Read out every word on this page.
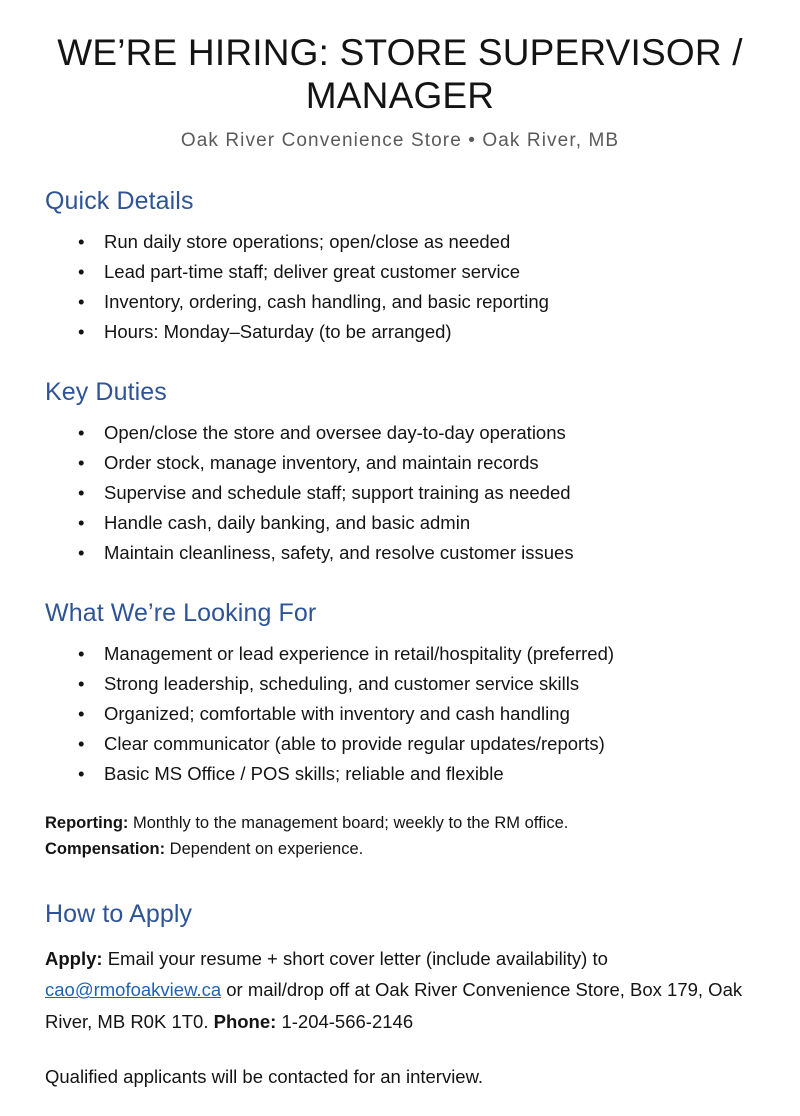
WE’RE HIRING: STORE SUPERVISOR / MANAGER
Oak River Convenience Store • Oak River, MB
Quick Details
• Run daily store operations; open/close as needed
• Lead part-time staff; deliver great customer service
• Inventory, ordering, cash handling, and basic reporting
• Hours: Monday–Saturday (to be arranged)
Key Duties
• Open/close the store and oversee day-to-day operations
• Order stock, manage inventory, and maintain records
• Supervise and schedule staff; support training as needed
• Handle cash, daily banking, and basic admin
• Maintain cleanliness, safety, and resolve customer issues
What We’re Looking For
• Management or lead experience in retail/hospitality (preferred)
• Strong leadership, scheduling, and customer service skills
• Organized; comfortable with inventory and cash handling
• Clear communicator (able to provide regular updates/reports)
• Basic MS Office / POS skills; reliable and flexible
Reporting: Monthly to the management board; weekly to the RM office.
Compensation: Dependent on experience.
How to Apply
Apply: Email your resume + short cover letter (include availability) to cao@rmofoakview.ca or mail/drop off at Oak River Convenience Store, Box 179, Oak River, MB R0K 1T0. Phone: 1-204-566-2146
Qualified applicants will be contacted for an interview.
